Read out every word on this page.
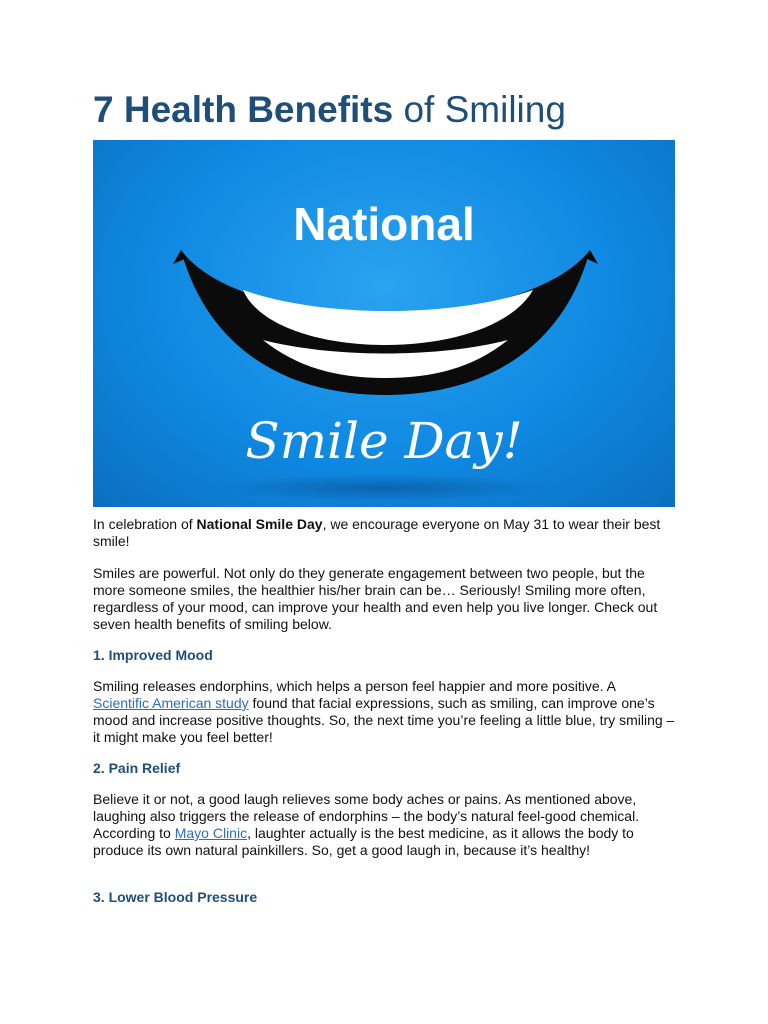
7 Health Benefits of Smiling
National
Smile Day!

In celebration of National Smile Day, we encourage everyone on May 31 to wear their best smile!

Smiles are powerful. Not only do they generate engagement between two people, but the more someone smiles, the healthier his/her brain can be… Seriously! Smiling more often, regardless of your mood, can improve your health and even help you live longer. Check out seven health benefits of smiling below.

1. Improved Mood

Smiling releases endorphins, which helps a person feel happier and more positive. A Scientific American study found that facial expressions, such as smiling, can improve one’s mood and increase positive thoughts. So, the next time you’re feeling a little blue, try smiling – it might make you feel better!

2. Pain Relief

Believe it or not, a good laugh relieves some body aches or pains. As mentioned above, laughing also triggers the release of endorphins – the body’s natural feel-good chemical. According to Mayo Clinic, laughter actually is the best medicine, as it allows the body to produce its own natural painkillers. So, get a good laugh in, because it’s healthy!

3. Lower Blood Pressure
